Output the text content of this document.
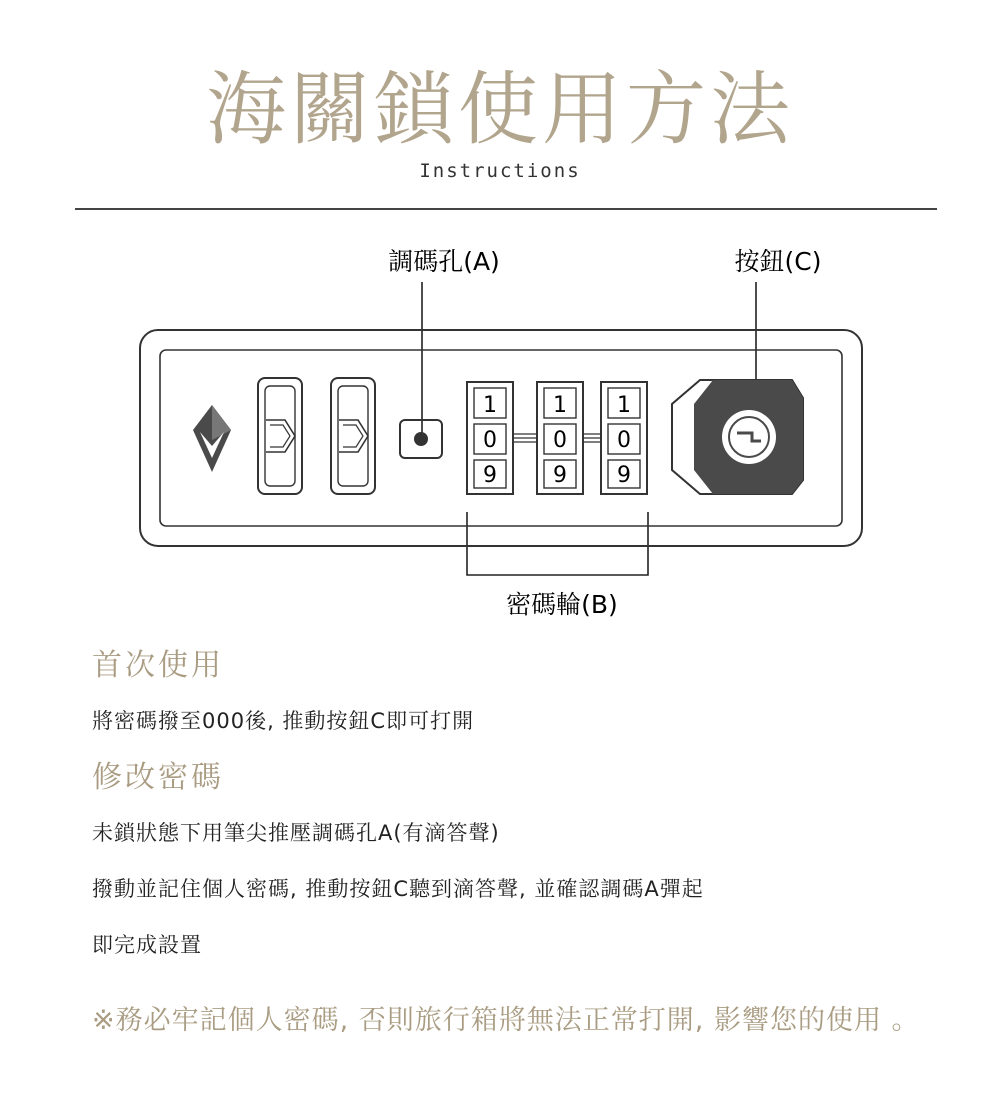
海關鎖使用方法
Instructions
調碼孔(A)	按鈕(C)
密碼輪(B)
1
0
9
1
0
9
1
0
9
首次使用
將密碼撥至000後, 推動按鈕C即可打開
修改密碼
未鎖狀態下用筆尖推壓調碼孔A(有滴答聲)
撥動並記住個人密碼, 推動按鈕C聽到滴答聲, 並確認調碼A彈起
即完成設置
※務必牢記個人密碼, 否則旅行箱將無法正常打開, 影響您的使用 。
